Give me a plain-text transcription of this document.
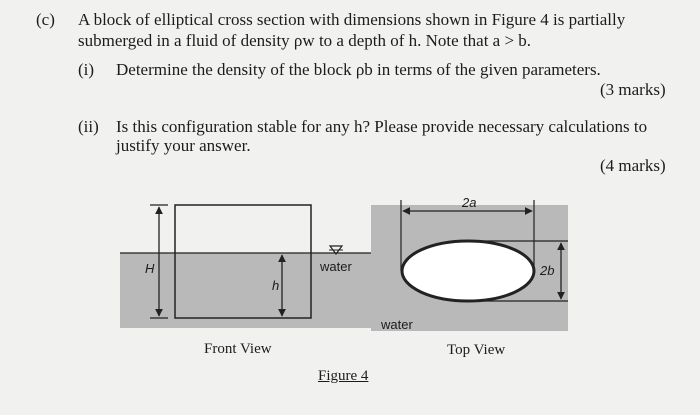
(c) A block of elliptical cross section with dimensions shown in Figure 4 is partially
submerged in a fluid of density ρw to a depth of h. Note that a > b.
(i) Determine the density of the block ρb in terms of the given parameters.
(3 marks)
(ii) Is this configuration stable for any h? Please provide necessary calculations to
justify your answer.
(4 marks)
H
h
water
2a
2b
water
Front View	Top View
Figure 4
